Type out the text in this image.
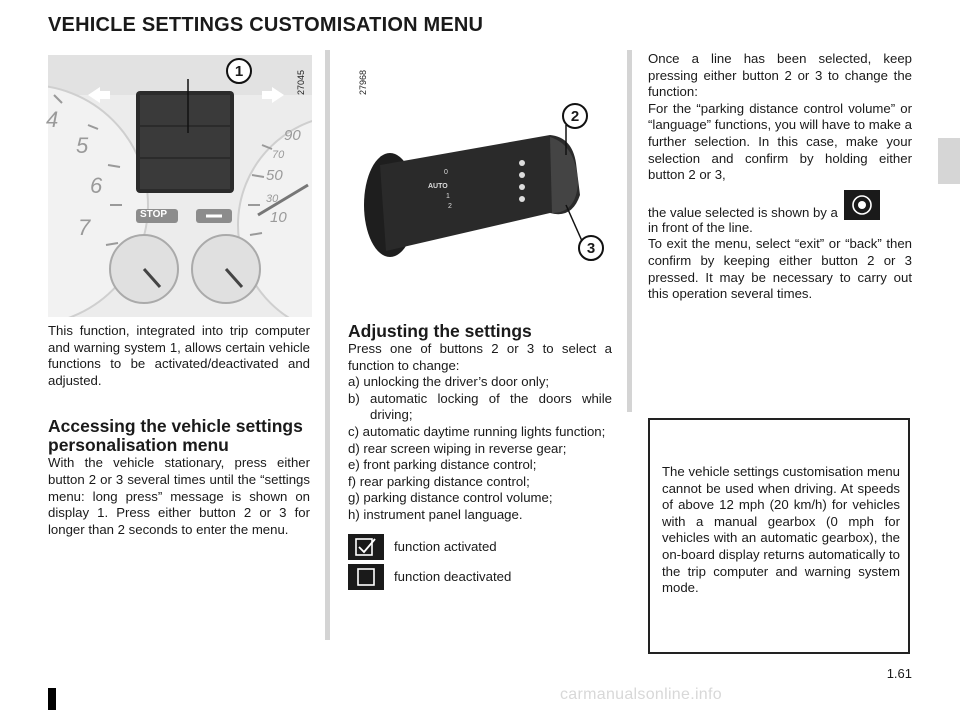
VEHICLE SETTINGS CUSTOMISATION MENU
STOP
4
5
6
7
90
70
50
30
10
1	27045

This function, integrated into trip computer and warning system 1, allows certain vehicle functions to be activated/deactivated and adjusted.

Accessing the vehicle settings personalisation menu

With the vehicle stationary, press either button 2 or 3 several times until the “settings menu: long press” message is shown on display 1. Press either button 2 or 3 for longer than 2 seconds to enter the menu.

AUTO
0
1
2
2
3
27968
Adjusting the settings

Press one of buttons 2 or 3 to select a function to change:

a) unlocking the driver’s door only;
b) automatic locking of the doors while driving;
c) automatic daytime running lights function;
d) rear screen wiping in reverse gear;
e) front parking distance control;
f) rear parking distance control;
g) parking distance control volume;
h) instrument panel language.
function activated
function deactivated

Once a line has been selected, keep pressing either button 2 or 3 to change the function:

For the “parking distance control volume” or “language” functions, you will have to make a further selection. In this case, make your selection and confirm by holding either button 2 or 3,

the value selected is shown by a

in front of the line.

To exit the menu, select “exit” or “back” then confirm by keeping either button 2 or 3 pressed. It may be necessary to carry out this operation several times.

The vehicle settings customisation menu cannot be used when driving. At speeds of above 12 mph (20 km/h) for vehicles with a manual gearbox (0 mph for vehicles with an automatic gearbox), the on-board display returns automatically to the trip computer and warning system mode.

1.61
carmanualsonline.info
